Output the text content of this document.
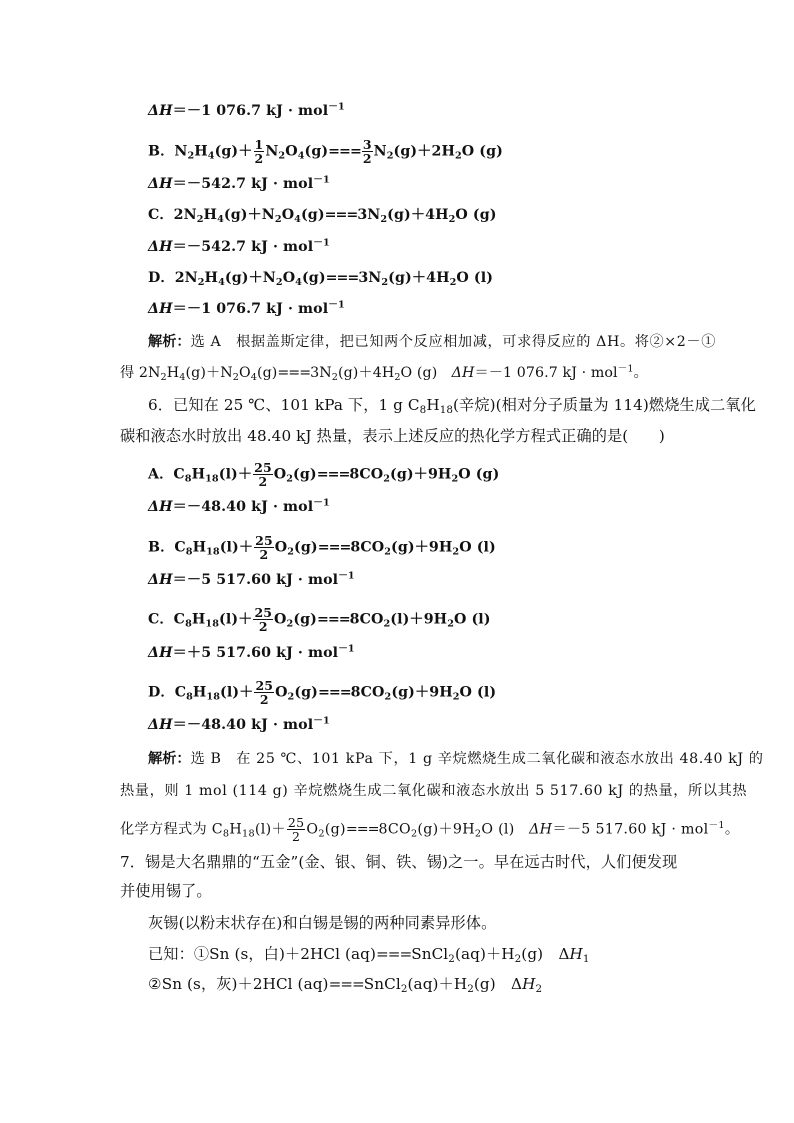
ΔH＝－1 076.7 kJ · mol$^{-1}$
B．$N_2H_4(g)+ \frac{1}{2} N_2O_4(g)=== \frac{3}{2} N_2(g)+2H_2O$ (g)
ΔH＝－542.7 kJ · mol$^{-1}$
C．$2N_2H_4(g)+N_2O_4(g)===3N_2(g)+4H_2O$ (g)
ΔH＝－542.7 kJ · mol$^{-1}$
D．$2N_2H_4(g)+N_2O_4(g)===3N_2(g)+4H_2O$ (l)
ΔH＝－1 076.7 kJ · mol$^{-1}$
解析：选 A　根据盖斯定律，把已知两个反应相加减，可求得反应的 ΔH。将②×2－①
得 $2N_2H_4(g)+N_2O_4(g)===3N_2(g)+4H_2O$ (g)　ΔH＝－1 076.7 kJ · mol$^{-1}$。
6．已知在 25 ℃、101 kPa 下，1 g $C_8H_{18}$(辛烷)(相对分子质量为 114)燃烧生成二氧化
碳和液态水时放出 48.40 kJ 热量，表示上述反应的热化学方程式正确的是(　　)
A．$C_8H_{18}(l)+ \frac{25}{2} O_2(g)===8CO_2(g)+9H_2O$ (g)
ΔH＝－48.40 kJ · mol$^{-1}$
B．$C_8H_{18}(l)+ \frac{25}{2} O_2(g)===8CO_2(g)+9H_2O$ (l)
ΔH＝－5 517.60 kJ · mol$^{-1}$
C．$C_8H_{18}(l)+ \frac{25}{2} O_2(g)===8CO_2(l)+9H_2O$ (l)
ΔH＝＋5 517.60 kJ · mol$^{-1}$
D．$C_8H_{18}(l)+ \frac{25}{2} O_2(g)===8CO_2(g)+9H_2O$ (l)
ΔH＝－48.40 kJ · mol$^{-1}$
解析：选 B　在 25 ℃、101 kPa 下，1 g 辛烷燃烧生成二氧化碳和液态水放出 48.40 kJ 的
热量，则 1 mol (114 g) 辛烷燃烧生成二氧化碳和液态水放出 5 517.60 kJ 的热量，所以其热
化学方程式为 $C_8H_{18}(l)+ \frac{25}{2} O_2(g)===8CO_2(g)+9H_2O$ (l)　ΔH＝－5 517.60 kJ · mol$^{-1}$。
7．锡是大名鼎鼎的“五金”(金、银、铜、铁、锡)之一。早在远古时代，人们便发现
并使用锡了。
灰锡(以粉末状存在)和白锡是锡的两种同素异形体。
已知：①Sn (s，白)＋2HCl $(aq)===SnCl_2(aq)+H_2(g)$　$\Delta H_1$
②Sn (s，灰)＋2HCl $(aq)===SnCl_2(aq)+H_2(g)$　$\Delta H_2$
